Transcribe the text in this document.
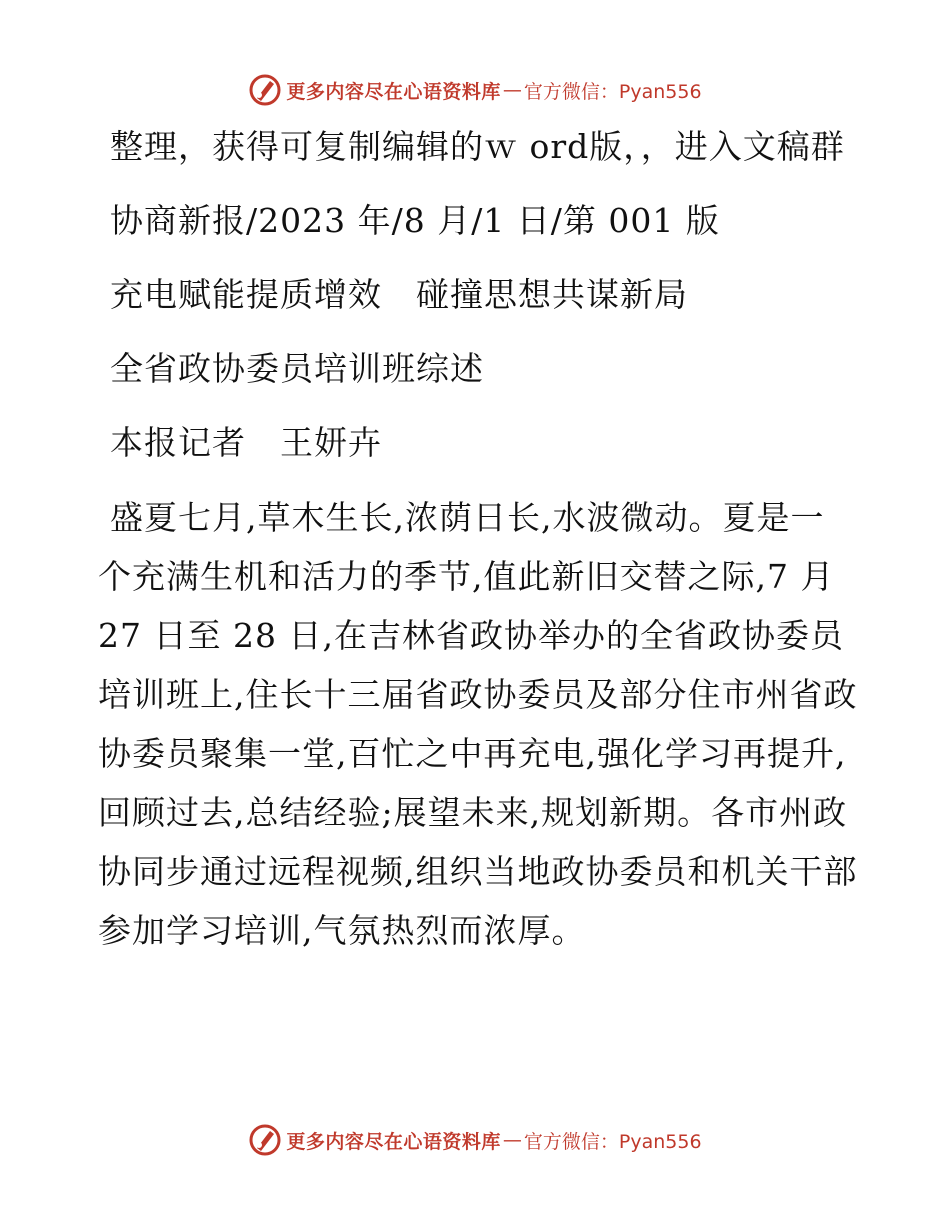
更多内容尽在心语资料库 — 官方微信：Pyan556

整理，获得可复制编辑的ｗ ord版，，进入文稿群

协商新报/2023 年/8 月/1 日/第 001 版

充电赋能提质增效　碰撞思想共谋新局

全省政协委员培训班综述

本报记者　王妍卉

盛夏七月,草木生长,浓荫日长,水波微动。夏是一个充满生机和活力的季节,值此新旧交替之际,7 月 27 日至 28 日,在吉林省政协举办的全省政协委员培训班上,住长十三届省政协委员及部分住市州省政协委员聚集一堂,百忙之中再充电,强化学习再提升,回顾过去,总结经验;展望未来,规划新期。各市州政协同步通过远程视频,组织当地政协委员和机关干部参加学习培训,气氛热烈而浓厚。

更多内容尽在心语资料库 — 官方微信：Pyan556
